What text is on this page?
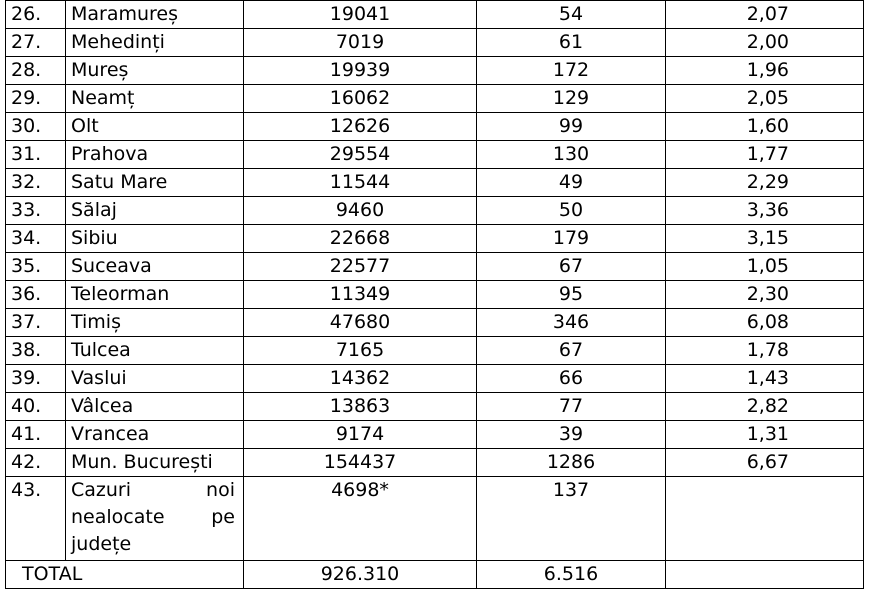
26.	Maramureș	19041	54	2,07
27.	Mehedinți	7019	61	2,00
28.	Mureș	19939	172	1,96
29.	Neamț	16062	129	2,05
30.	Olt	12626	99	1,60
31.	Prahova	29554	130	1,77
32.	Satu Mare	11544	49	2,29
33.	Sălaj	9460	50	3,36
34.	Sibiu	22668	179	3,15
35.	Suceava	22577	67	1,05
36.	Teleorman	11349	95	2,30
37.	Timiș	47680	346	6,08
38.	Tulcea	7165	67	1,78
39.	Vaslui	14362	66	1,43
40.	Vâlcea	13863	77	2,82
41.	Vrancea	9174	39	1,31
42.	Mun. București	154437	1286	6,67
43.	Cazuri noi
nealocate pe
județe	4698*	137	
TOTAL		926.310	6.516	
